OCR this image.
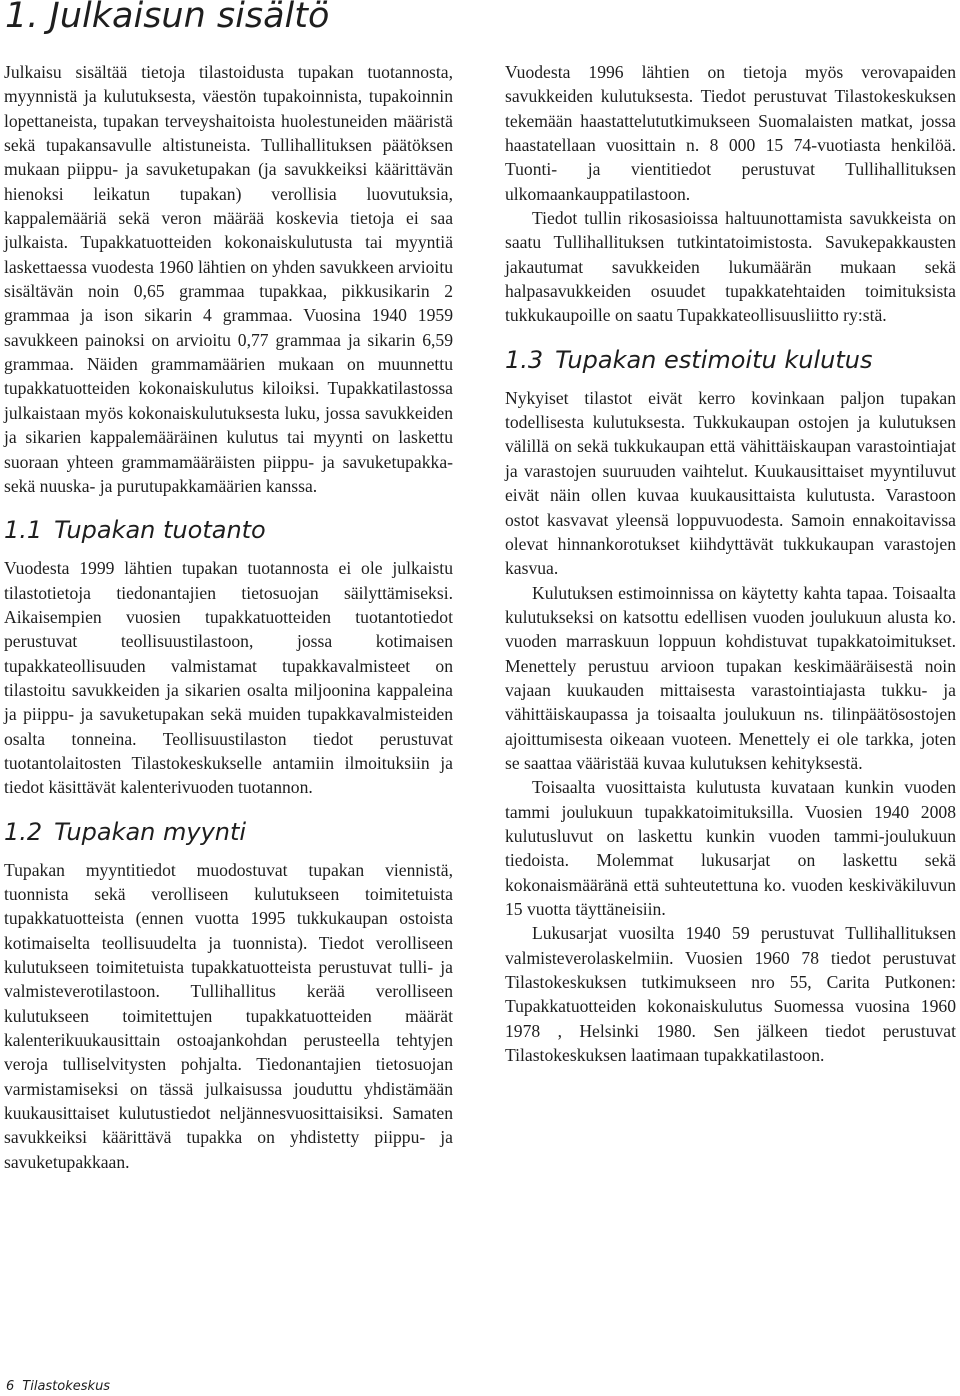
1. Julkaisun sisältö

Julkaisu sisältää tietoja tilastoidusta tupakan tuotannosta, myynnistä ja kulutuksesta, väestön tupakoinnista, tupakoinnin lopettaneista, tupakan terveyshaitoista huolestuneiden määristä sekä tupakansavulle altistuneista. Tullihallituksen päätöksen mukaan piippu- ja savuketupakan (ja savukkeiksi käärittävän hienoksi leikatun tupakan) verollisia luovutuksia, kappalemääriä sekä veron määrää koskevia tietoja ei saa julkaista. Tupakkatuotteiden kokonaiskulutusta tai myyntiä laskettaessa vuodesta 1960 lähtien on yhden savukkeen arvioitu sisältävän noin 0,65 grammaa tupakkaa, pikkusikarin 2 grammaa ja ison sikarin 4 grammaa. Vuosina 1940 1959 savukkeen painoksi on arvioitu 0,77 grammaa ja sikarin 6,59 grammaa. Näiden grammamäärien mukaan on muunnettu tupakkatuotteiden kokonaiskulutus kiloiksi. Tupakkatilastossa julkaistaan myös kokonaiskulutuksesta luku, jossa savukkeiden ja sikarien kappalemääräinen kulutus tai myynti on laskettu suoraan yhteen grammamääräisten piippu- ja savuketupakka- sekä nuuska- ja purutupakkamäärien kanssa.

1.1 Tupakan tuotanto

Vuodesta 1999 lähtien tupakan tuotannosta ei ole julkaistu tilastotietoja tiedonantajien tietosuojan säilyttämiseksi. Aikaisempien vuosien tupakkatuotteiden tuotantotiedot perustuvat teollisuustilastoon, jossa kotimaisen tupakkateollisuuden valmistamat tupakkavalmisteet on tilastoitu savukkeiden ja sikarien osalta miljoonina kappaleina ja piippu- ja savuketupakan sekä muiden tupakkavalmisteiden osalta tonneina. Teollisuustilaston tiedot perustuvat tuotantolaitosten Tilastokeskukselle antamiin ilmoituksiin ja tiedot käsittävät kalenterivuoden tuotannon.

1.2 Tupakan myynti

Tupakan myyntitiedot muodostuvat tupakan viennistä, tuonnista sekä verolliseen kulutukseen toimitetuista tupakkatuotteista (ennen vuotta 1995 tukkukaupan ostoista kotimaiselta teollisuudelta ja tuonnista). Tiedot verolliseen kulutukseen toimitetuista tupakkatuotteista perustuvat tulli- ja valmisteverotilastoon. Tullihallitus kerää verolliseen kulutukseen toimitettujen tupakkatuotteiden määrät kalenterikuukausittain ostoajankohdan perusteella tehtyjen veroja tulliselvitysten pohjalta. Tiedonantajien tietosuojan varmistamiseksi on tässä julkaisussa jouduttu yhdistämään kuukausittaiset kulutustiedot neljännesvuosittaisiksi. Samaten savukkeiksi käärittävä tupakka on yhdistetty piippu- ja savuketupakkaan.

Vuodesta 1996 lähtien on tietoja myös verovapaiden savukkeiden kulutuksesta. Tiedot perustuvat Tilastokeskuksen tekemään haastattelututkimukseen Suomalaisten matkat, jossa haastatellaan vuosittain n. 8 000 15 74-vuotiasta henkilöä. Tuonti- ja vientitiedot perustuvat Tullihallituksen ulkomaankauppatilastoon.

Tiedot tullin rikosasioissa haltuunottamista savukkeista on saatu Tullihallituksen tutkintatoimistosta. Savukepakkausten jakautumat savukkeiden lukumäärän mukaan sekä halpasavukkeiden osuudet tupakkatehtaiden toimituksista tukkukaupoille on saatu Tupakkateollisuusliitto ry:stä.

1.3 Tupakan estimoitu kulutus

Nykyiset tilastot eivät kerro kovinkaan paljon tupakan todellisesta kulutuksesta. Tukkukaupan ostojen ja kulutuksen välillä on sekä tukkukaupan että vähittäiskaupan varastointiajat ja varastojen suuruuden vaihtelut. Kuukausittaiset myyntiluvut eivät näin ollen kuvaa kuukausittaista kulutusta. Varastoon ostot kasvavat yleensä loppuvuodesta. Samoin ennakoitavissa olevat hinnankorotukset kiihdyttävät tukkukaupan varastojen kasvua.

Kulutuksen estimoinnissa on käytetty kahta tapaa. Toisaalta kulutukseksi on katsottu edellisen vuoden joulukuun alusta ko. vuoden marraskuun loppuun kohdistuvat tupakkatoimitukset. Menettely perustuu arvioon tupakan keskimääräisestä noin vajaan kuukauden mittaisesta varastointiajasta tukku- ja vähittäiskaupassa ja toisaalta joulukuun ns. tilinpäätösostojen ajoittumisesta oikeaan vuoteen. Menettely ei ole tarkka, joten se saattaa vääristää kuvaa kulutuksen kehityksestä.

Toisaalta vuosittaista kulutusta kuvataan kunkin vuoden tammi joulukuun tupakkatoimituksilla. Vuosien 1940 2008 kulutusluvut on laskettu kunkin vuoden tammi-joulukuun tiedoista. Molemmat lukusarjat on laskettu sekä kokonaismääränä että suhteutettuna ko. vuoden keskiväkiluvun 15 vuotta täyttäneisiin.

Lukusarjat vuosilta 1940 59 perustuvat Tullihallituksen valmisteverolaskelmiin. Vuosien 1960 78 tiedot perustuvat Tilastokeskuksen tutkimukseen nro 55, Carita Putkonen: Tupakkatuotteiden kokonaiskulutus Suomessa vuosina 1960 1978 , Helsinki 1980. Sen jälkeen tiedot perustuvat Tilastokeskuksen laatimaan tupakkatilastoon.

6 Tilastokeskus
